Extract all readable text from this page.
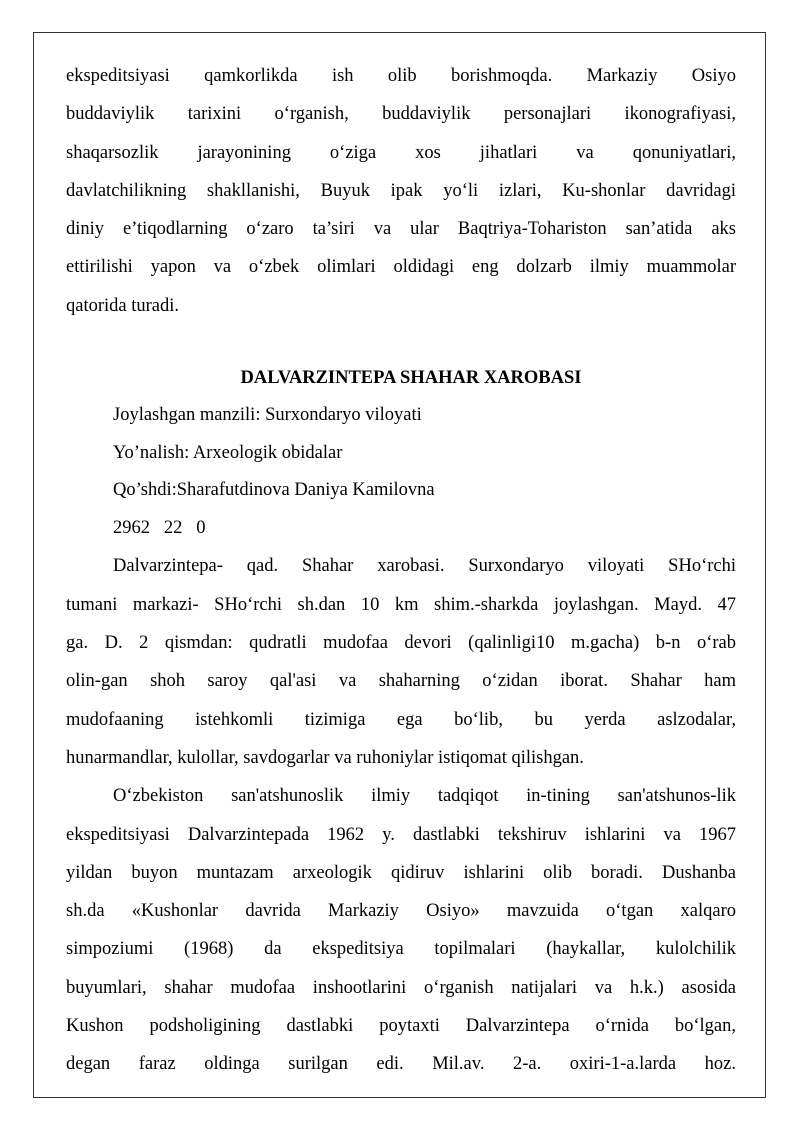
ekspeditsiyasi qamkorlikda ish olib borishmoqda. Markaziy Osiyo

buddaviylik tarixini o‘rganish, buddaviylik personajlari ikonografiyasi,

shaqarsozlik jarayonining o‘ziga xos jihatlari va qonuniyatlari,

davlatchilikning shakllanishi, Buyuk ipak yo‘li izlari, Ku-shonlar davridagi

diniy e’tiqodlarning o‘zaro ta’siri va ular Baqtriya-Tohariston san’atida aks

ettirilishi yapon va o‘zbek olimlari oldidagi eng dolzarb ilmiy muammolar

qatorida turadi.

DALVARZINTEPA SHAHAR XAROBASI

Joylashgan manzili: Surxondaryo viloyati

Yo’nalish: Arxeologik obidalar

Qo’shdi:Sharafutdinova Daniya Kamilovna

2962   22   0

Dalvarzintepa- qad. Shahar xarobasi. Surxondaryo viloyati SHo‘rchi

tumani markazi- SHo‘rchi sh.dan 10 km shim.-sharkda joylashgan. Mayd. 47

ga. D. 2 qismdan: qudratli mudofaa devori (qalinligi10 m.gacha) b-n o‘rab

olin-gan shoh saroy qal'asi va shaharning o‘zidan iborat. Shahar ham

mudofaaning istehkomli tizimiga ega bo‘lib, bu yerda aslzodalar,

hunarmandlar, kulollar, savdogarlar va ruhoniylar istiqomat qilishgan.

O‘zbekiston san'atshunoslik ilmiy tadqiqot in-tining san'atshunos-lik

ekspeditsiyasi Dalvarzintepada 1962 y. dastlabki tekshiruv ishlarini va 1967

yildan buyon muntazam arxeologik qidiruv ishlarini olib boradi. Dushanba

sh.da «Kushonlar davrida Markaziy Osiyo» mavzuida o‘tgan xalqaro

simpoziumi (1968) da ekspeditsiya topilmalari (haykallar, kulolchilik

buyumlari, shahar mudofaa inshootlarini o‘rganish natijalari va h.k.) asosida

Kushon podsholigining dastlabki poytaxti Dalvarzintepa o‘rnida bo‘lgan,

degan faraz oldinga surilgan edi. Mil.av. 2-a. oxiri-1-a.larda hoz.
